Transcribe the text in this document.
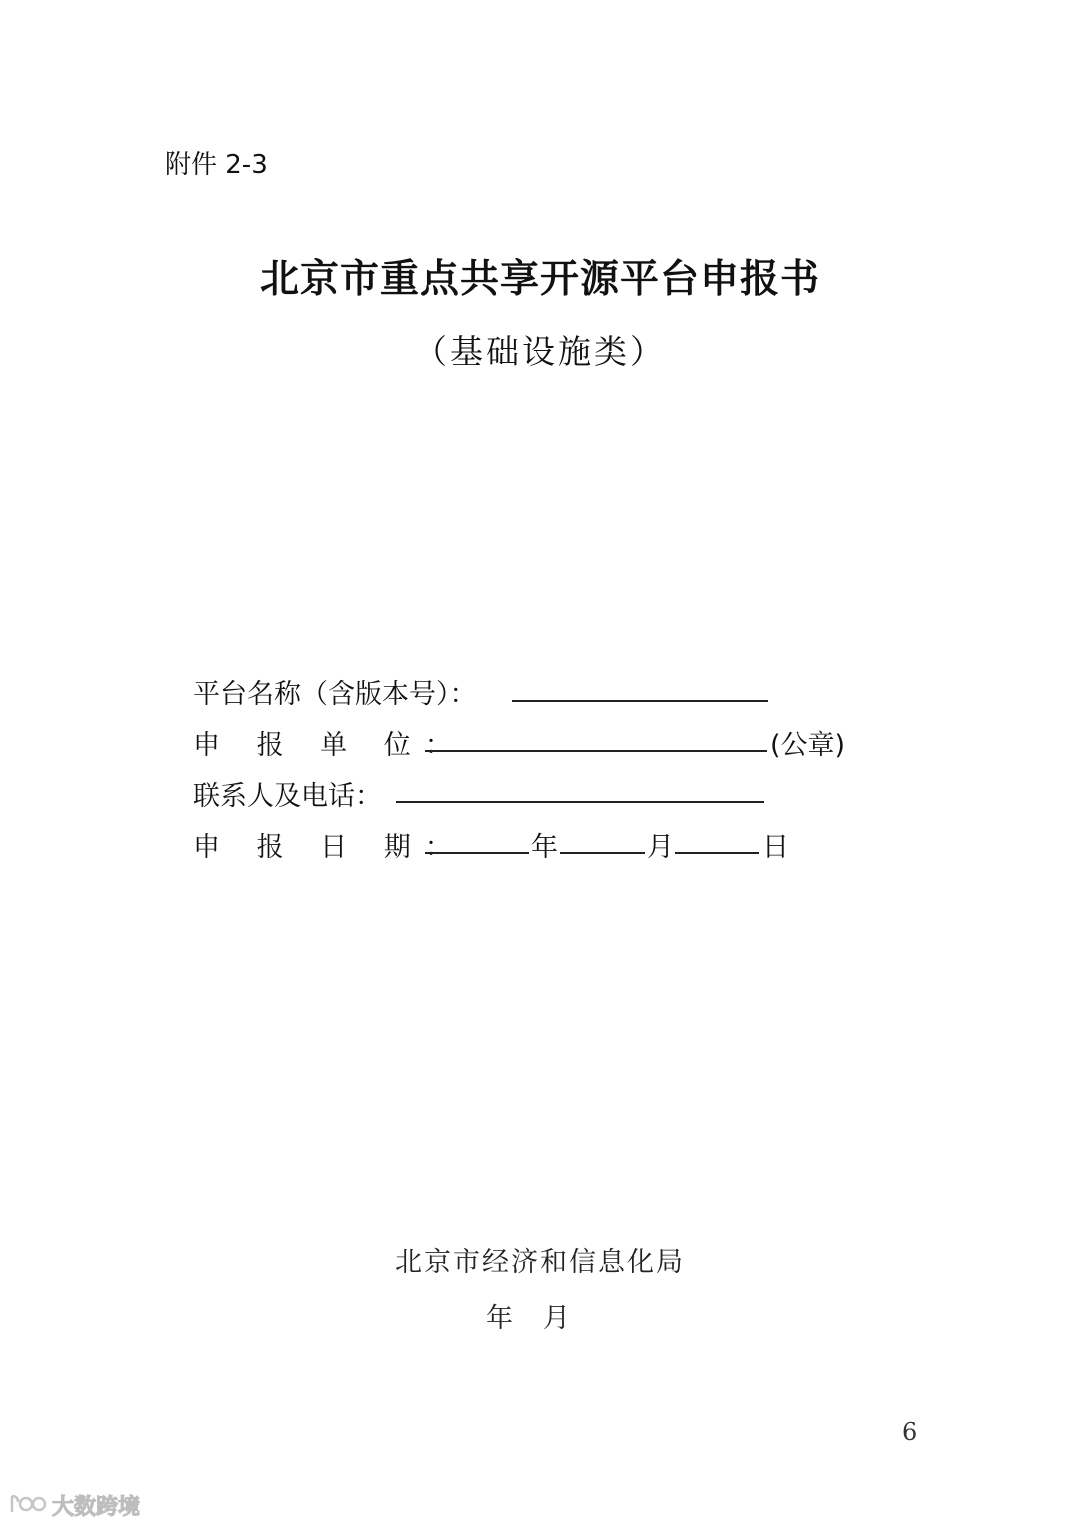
附件 2-3
北京市重点共享开源平台申报书
（基础设施类）
平台名称（含版本号）：
申 报 单 位：	(公章)
联系人及电话：
申 报 日 期： 年	月	日
北京市经济和信息化局
年 月
6
大数跨境
